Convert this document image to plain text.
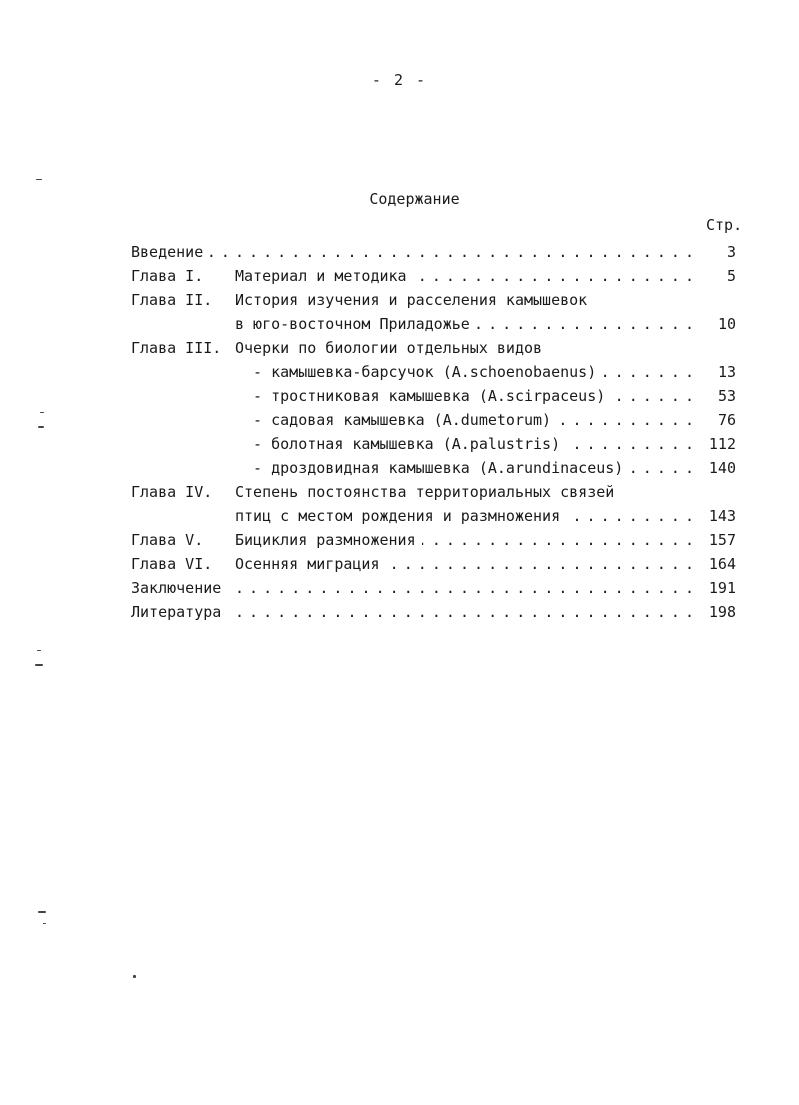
- 2 -
Содержание
Стр.
Введение . . .	3
Глава I.	Материал и методика . . .	5
Глава II.	История изучения и расселения камышевок
в юго-восточном Приладожье . . .	10
Глава III. Очерки по биологии отдельных видов
- камышевка-барсучок (A.schoenobaenus) . . .	13
- тростниковая камышевка (A.scirpaceus) . . .	53
- садовая камышевка (A.dumetorum) . . .	76
- болотная камышевка (A.palustris) . . .	112
- дроздовидная камышевка (A.arundinaceus) . . .	140
Глава IV.	Степень постоянства территориальных связей
птиц с местом рождения и размножения . . .	143
Глава V.	Бициклия размножения . . .	157
Глава VI.	Осенняя миграция . . .	164
Заключение . . .	191
Литература . . .	198
